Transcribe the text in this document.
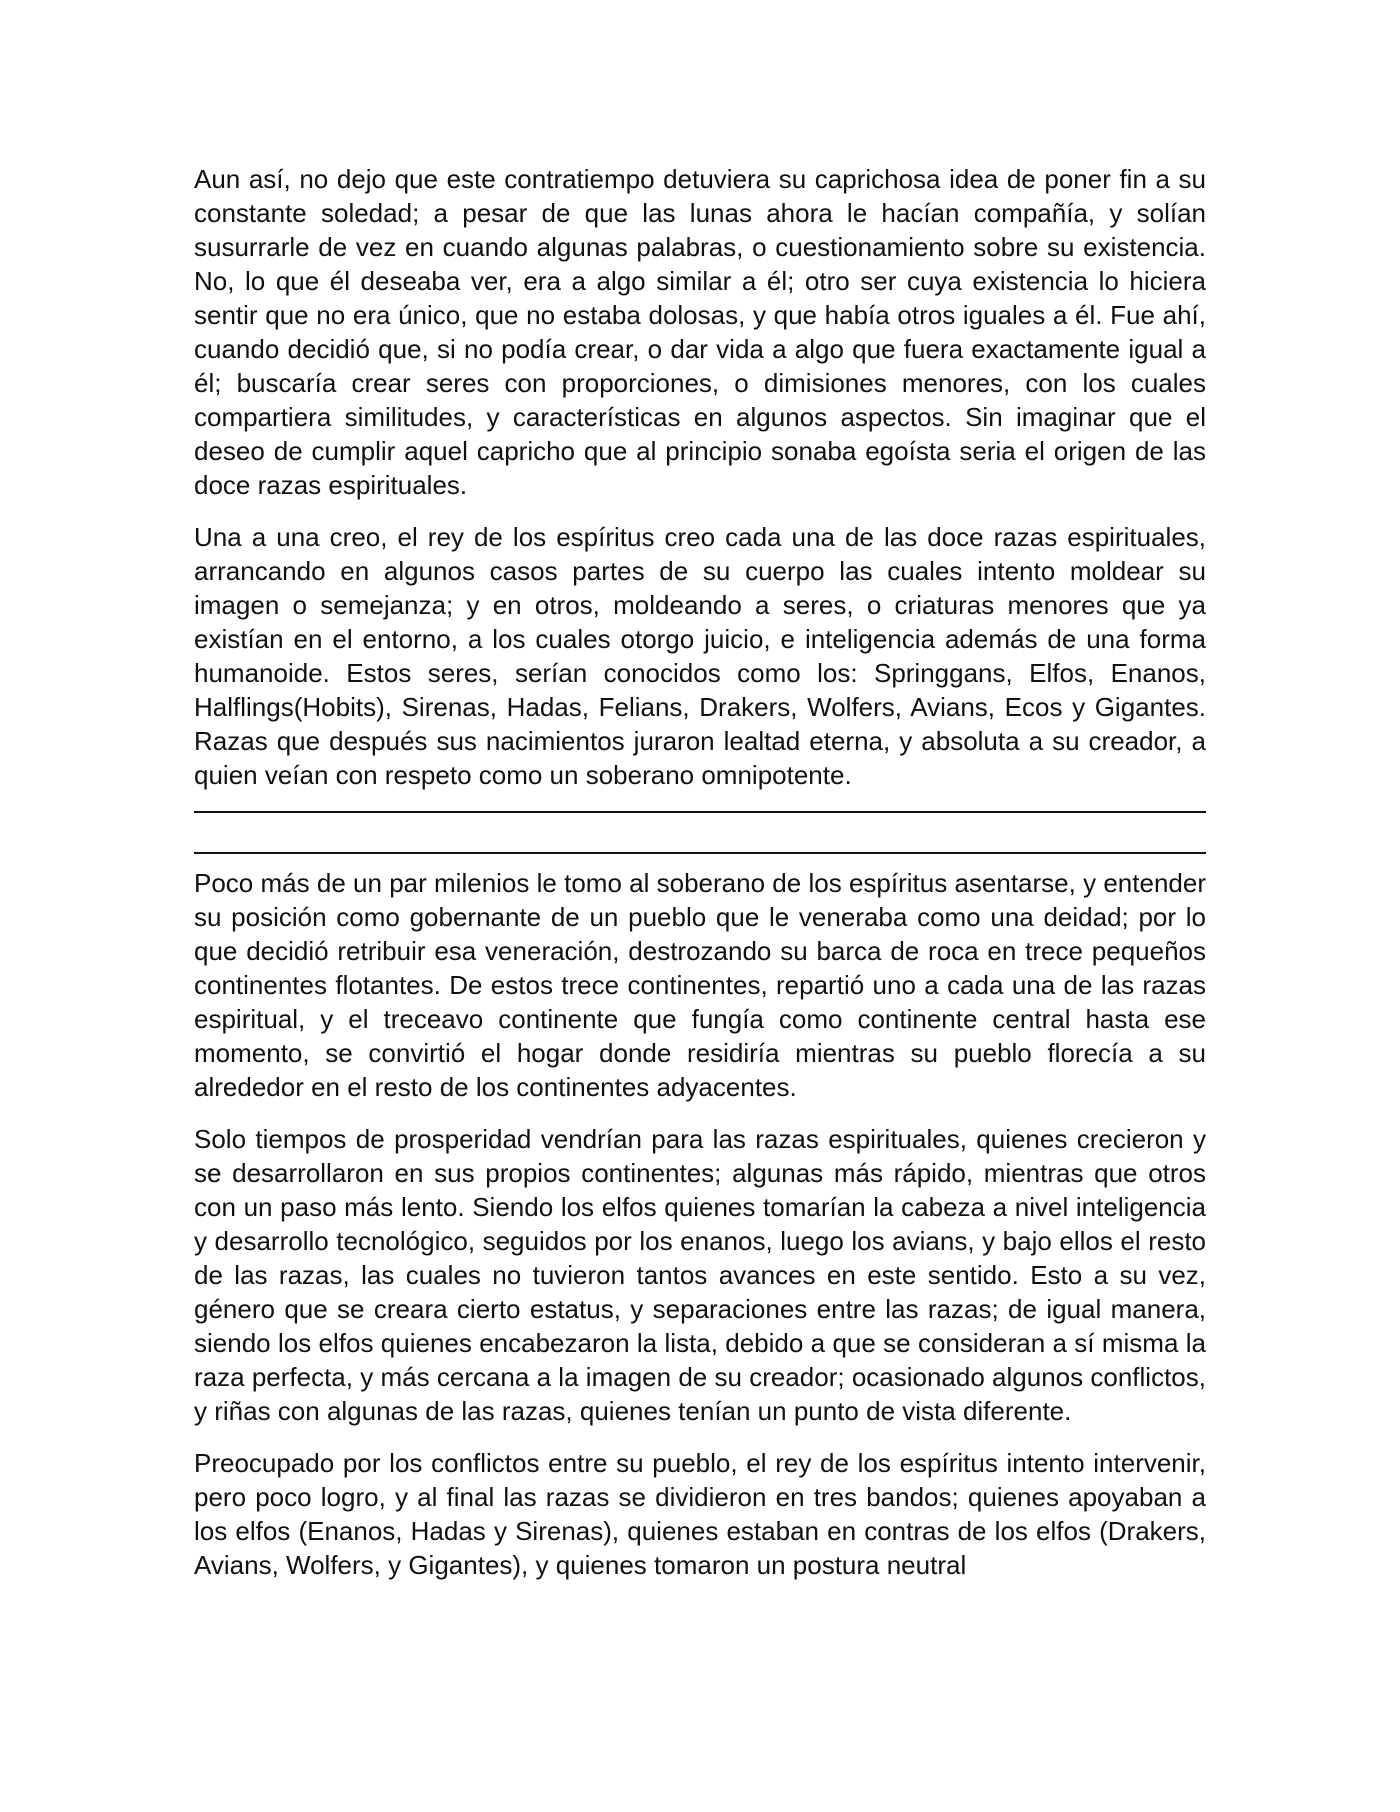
Aun así, no dejo que este contratiempo detuviera su caprichosa idea de poner fin a su constante soledad; a pesar de que las lunas ahora le hacían compañía, y solían susurrarle de vez en cuando algunas palabras, o cuestionamiento sobre su existencia. No, lo que él deseaba ver, era a algo similar a él; otro ser cuya existencia lo hiciera sentir que no era único, que no estaba dolosas, y que había otros iguales a él. Fue ahí, cuando decidió que, si no podía crear, o dar vida a algo que fuera exactamente igual a él; buscaría crear seres con proporciones, o dimisiones menores, con los cuales compartiera similitudes, y características en algunos aspectos. Sin imaginar que el deseo de cumplir aquel capricho que al principio sonaba egoísta seria el origen de las doce razas espirituales.

Una a una creo, el rey de los espíritus creo cada una de las doce razas espirituales, arrancando en algunos casos partes de su cuerpo las cuales intento moldear su imagen o semejanza; y en otros, moldeando a seres, o criaturas menores que ya existían en el entorno, a los cuales otorgo juicio, e inteligencia además de una forma humanoide. Estos seres, serían conocidos como los: Springgans, Elfos, Enanos, Halflings(Hobits), Sirenas, Hadas, Felians, Drakers, Wolfers, Avians, Ecos y Gigantes. Razas que después sus nacimientos juraron lealtad eterna, y absoluta a su creador, a quien veían con respeto como un soberano omnipotente.

Poco más de un par milenios le tomo al soberano de los espíritus asentarse, y entender su posición como gobernante de un pueblo que le veneraba como una deidad; por lo que decidió retribuir esa veneración, destrozando su barca de roca en trece pequeños continentes flotantes. De estos trece continentes, repartió uno a cada una de las razas espiritual, y el treceavo continente que fungía como continente central hasta ese momento, se convirtió el hogar donde residiría mientras su pueblo florecía a su alrededor en el resto de los continentes adyacentes.

Solo tiempos de prosperidad vendrían para las razas espirituales, quienes crecieron y se desarrollaron en sus propios continentes; algunas más rápido, mientras que otros con un paso más lento. Siendo los elfos quienes tomarían la cabeza a nivel inteligencia y desarrollo tecnológico, seguidos por los enanos, luego los avians, y bajo ellos el resto de las razas, las cuales no tuvieron tantos avances en este sentido. Esto a su vez, género que se creara cierto estatus, y separaciones entre las razas; de igual manera, siendo los elfos quienes encabezaron la lista, debido a que se consideran a sí misma la raza perfecta, y más cercana a la imagen de su creador; ocasionado algunos conflictos, y riñas con algunas de las razas, quienes tenían un punto de vista diferente.

Preocupado por los conflictos entre su pueblo, el rey de los espíritus intento intervenir, pero poco logro, y al final las razas se dividieron en tres bandos; quienes apoyaban a los elfos (Enanos, Hadas y Sirenas), quienes estaban en contras de los elfos (Drakers, Avians, Wolfers, y Gigantes), y quienes tomaron un postura neutral
